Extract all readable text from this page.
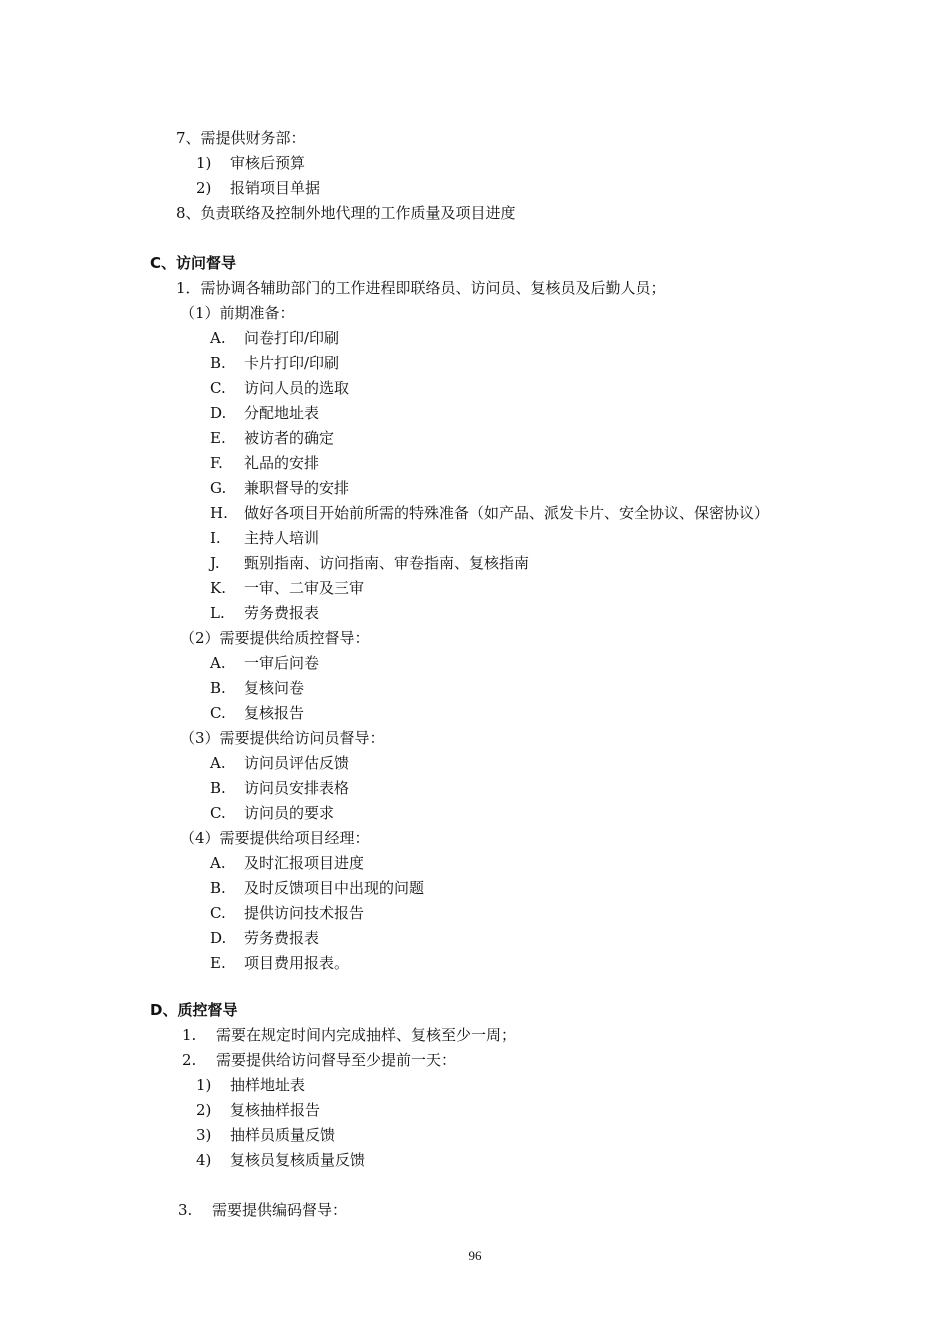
7、需提供财务部：
1) 审核后预算
2) 报销项目单据
8、负责联络及控制外地代理的工作质量及项目进度
C、访问督导
1．需协调各辅助部门的工作进程即联络员、访问员、复核员及后勤人员；
（1）前期准备：
A. 问卷打印/印刷
B. 卡片打印/印刷
C. 访问人员的选取
D. 分配地址表
E. 被访者的确定
F. 礼品的安排
G. 兼职督导的安排
H. 做好各项目开始前所需的特殊准备（如产品、派发卡片、安全协议、保密协议）
I. 主持人培训
J. 甄别指南、访问指南、审卷指南、复核指南
K. 一审、二审及三审
L. 劳务费报表
（2）需要提供给质控督导：
A. 一审后问卷
B. 复核问卷
C. 复核报告
（3）需要提供给访问员督导：
A. 访问员评估反馈
B. 访问员安排表格
C. 访问员的要求
（4）需要提供给项目经理：
A. 及时汇报项目进度
B. 及时反馈项目中出现的问题
C. 提供访问技术报告
D. 劳务费报表
E. 项目费用报表。
D、质控督导
1. 需要在规定时间内完成抽样、复核至少一周；
2. 需要提供给访问督导至少提前一天：
1) 抽样地址表
2) 复核抽样报告
3) 抽样员质量反馈
4) 复核员复核质量反馈
3. 需要提供编码督导：
96
